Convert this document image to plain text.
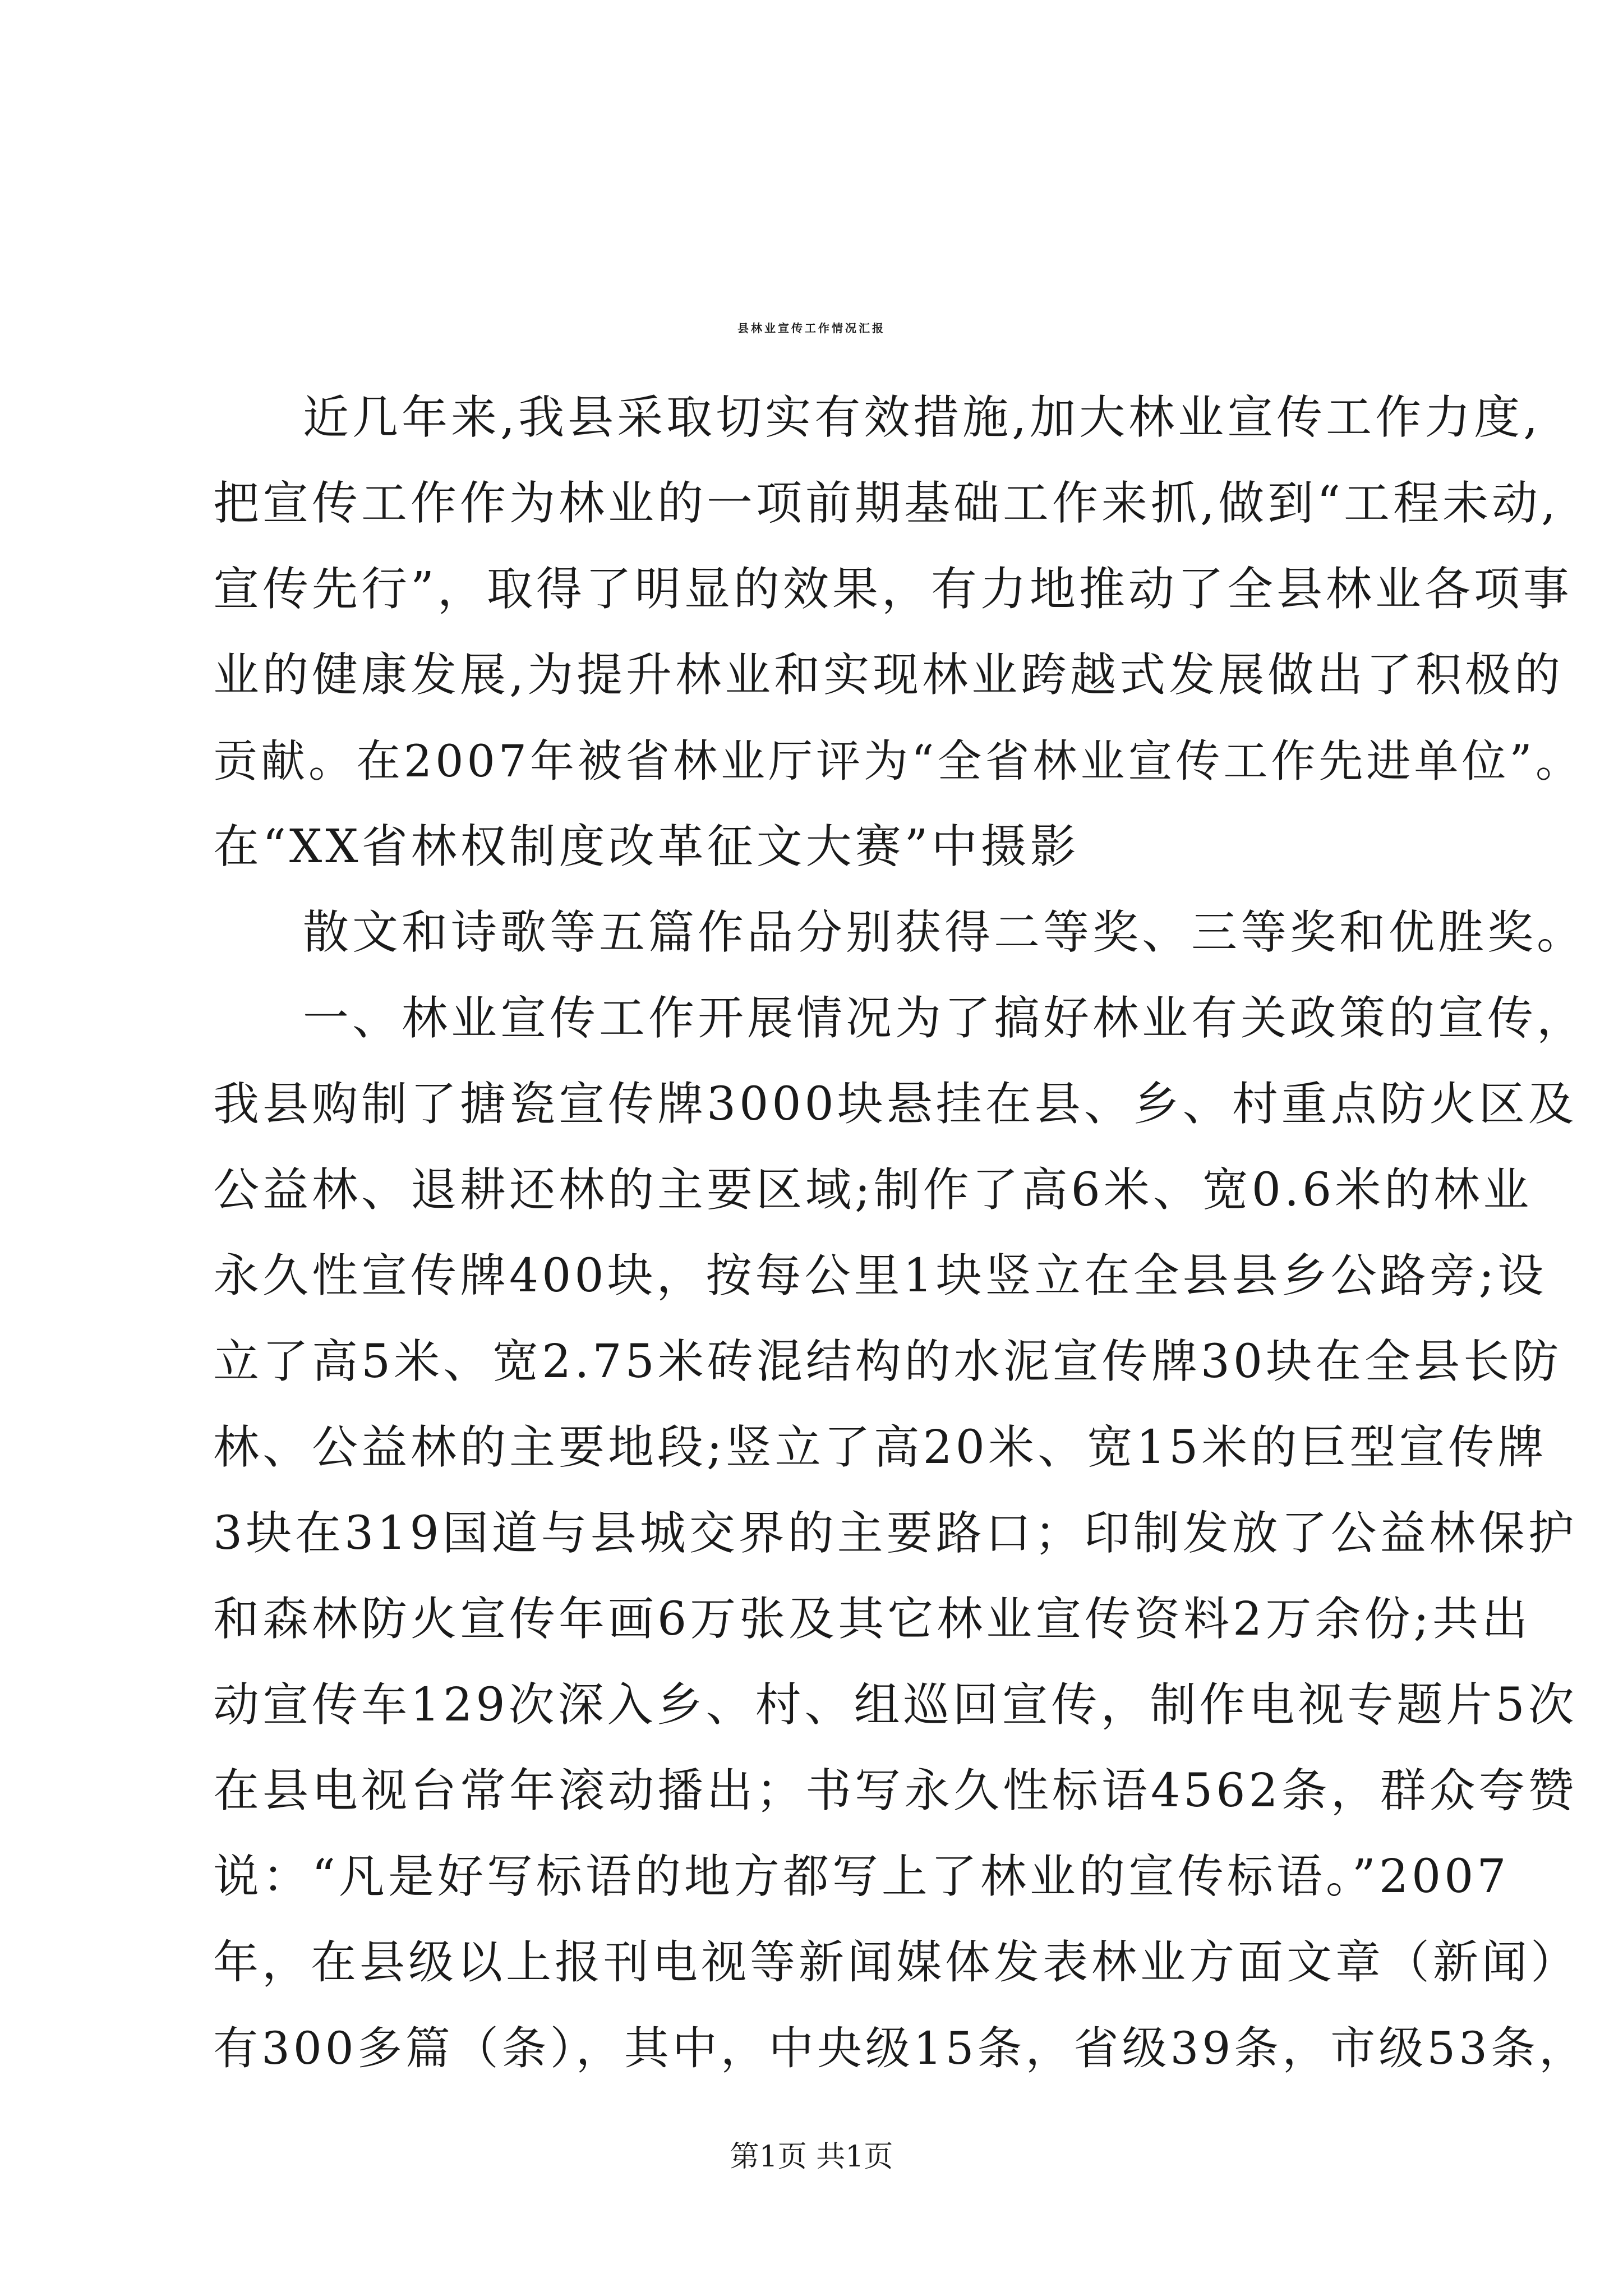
县林业宣传工作情况汇报
近几年来,我县采取切实有效措施,加大林业宣传工作力度,
把宣传工作作为林业的一项前期基础工作来抓,做到“工程未动,
宣传先行”，取得了明显的效果，有力地推动了全县林业各项事
业的健康发展,为提升林业和实现林业跨越式发展做出了积极的
贡献。在2007年被省林业厅评为“全省林业宣传工作先进单位”。
在“XX省林权制度改革征文大赛”中摄影
散文和诗歌等五篇作品分别获得二等奖、三等奖和优胜奖。
一、林业宣传工作开展情况为了搞好林业有关政策的宣传，
我县购制了搪瓷宣传牌3000块悬挂在县、乡、村重点防火区及
公益林、退耕还林的主要区域;制作了高6米、宽0.6米的林业
永久性宣传牌400块，按每公里1块竖立在全县县乡公路旁;设
立了高5米、宽2.75米砖混结构的水泥宣传牌30块在全县长防
林、公益林的主要地段;竖立了高20米、宽15米的巨型宣传牌
3块在319国道与县城交界的主要路口；印制发放了公益林保护
和森林防火宣传年画6万张及其它林业宣传资料2万余份;共出
动宣传车129次深入乡、村、组巡回宣传，制作电视专题片5次
在县电视台常年滚动播出；书写永久性标语4562条，群众夸赞
说：“凡是好写标语的地方都写上了林业的宣传标语。”2007
年，在县级以上报刊电视等新闻媒体发表林业方面文章（新闻）
有300多篇（条），其中，中央级15条，省级39条，市级53条，
第1页 共1页
